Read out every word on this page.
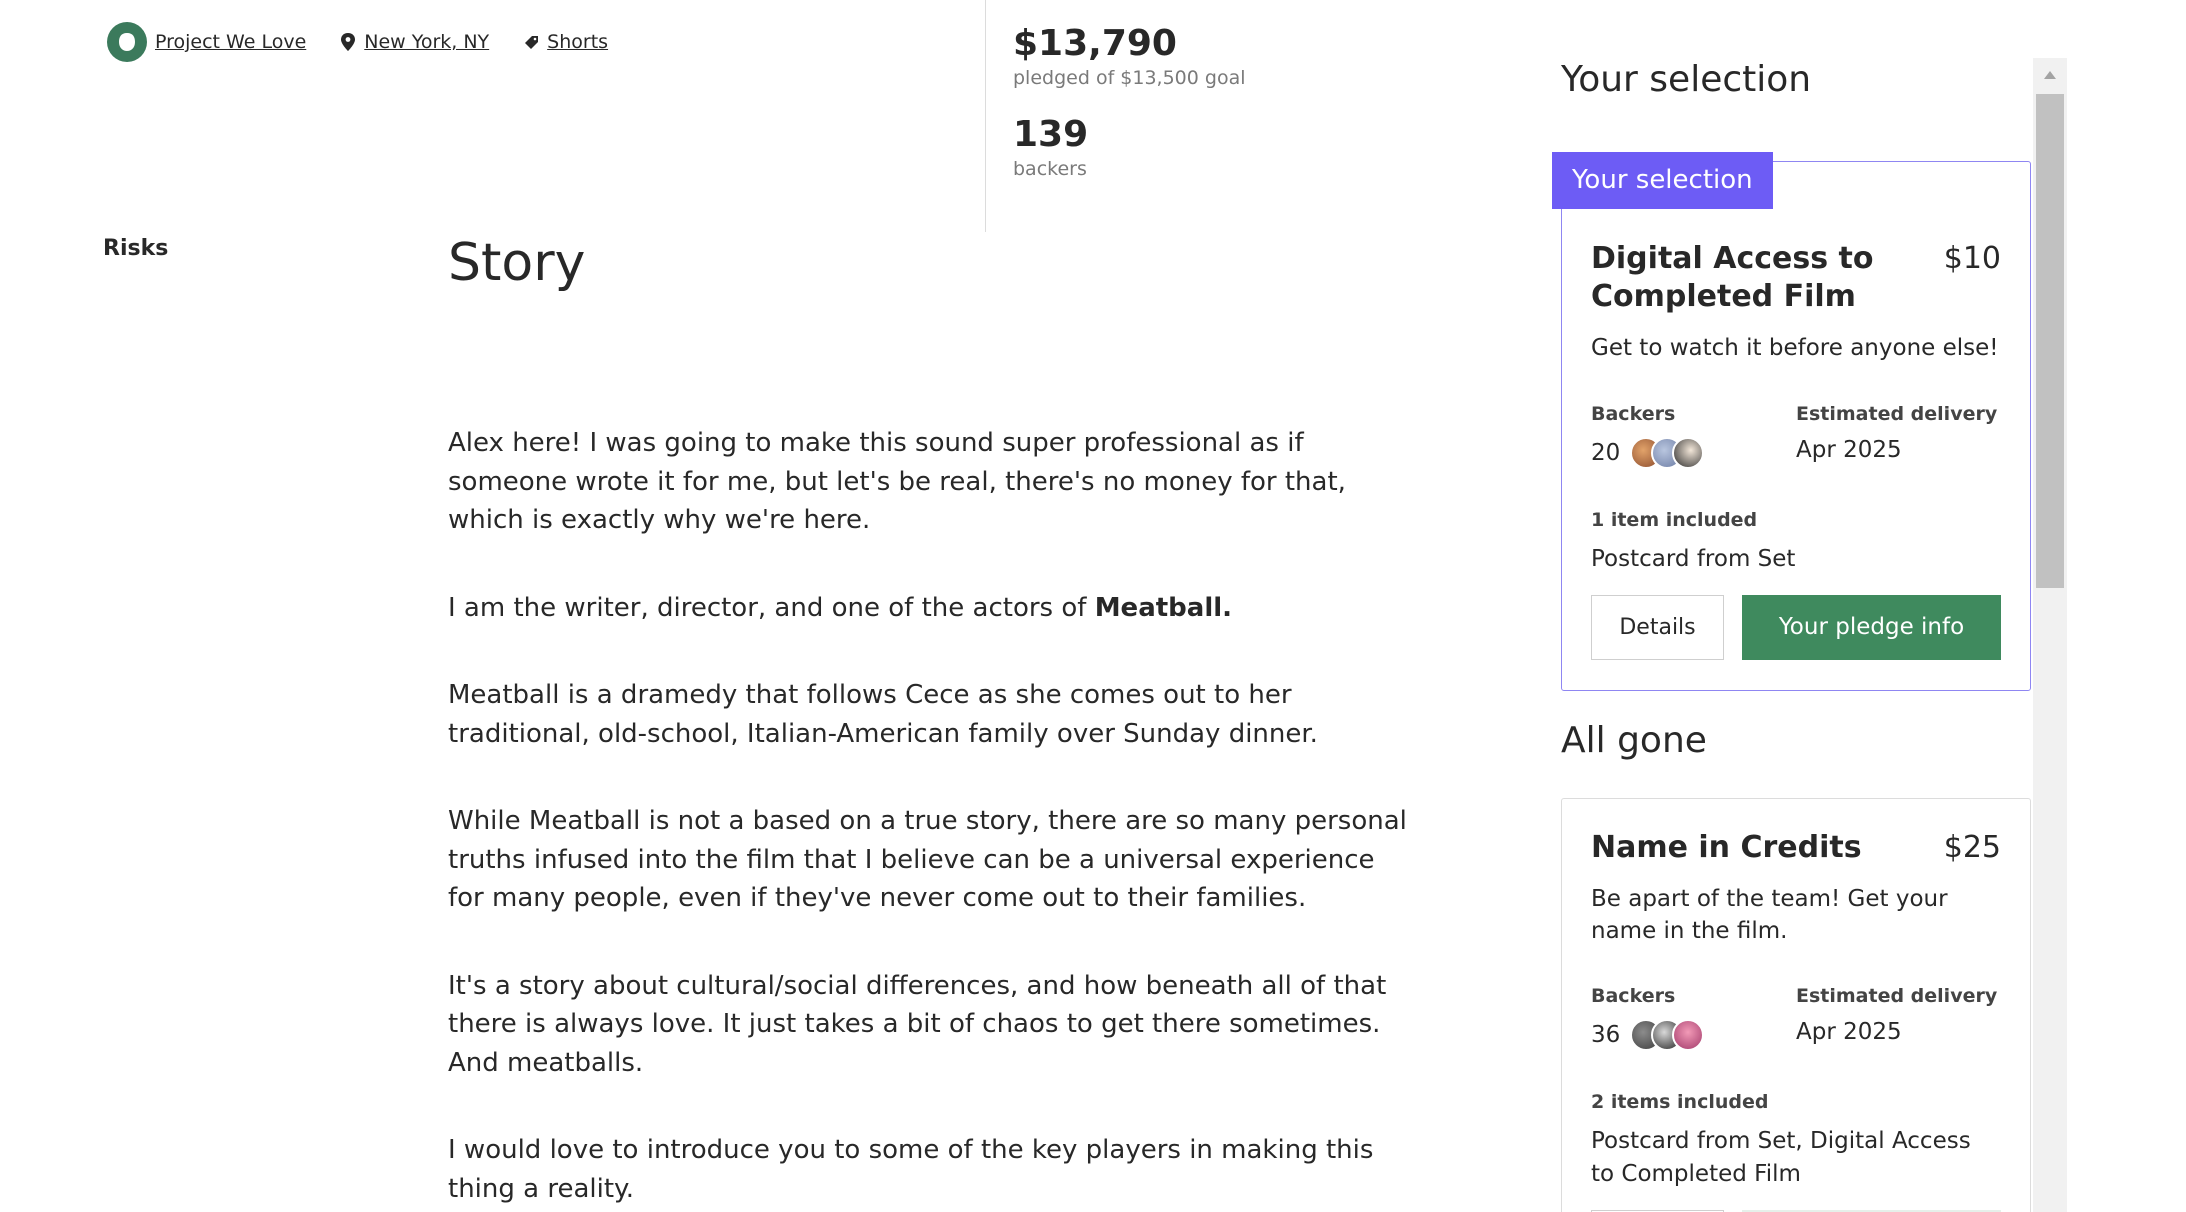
Project We Love	New York, NY	Shorts	$13,790
pledged of $13,500 goal
139
backers
Risks	Story

Alex here! I was going to make this sound super professional as if someone wrote it for me, but let's be real, there's no money for that, which is exactly why we're here.

I am the writer, director, and one of the actors of Meatball.

Meatball is a dramedy that follows Cece as she comes out to her traditional, old-school, Italian-American family over Sunday dinner.

While Meatball is not a based on a true story, there are so many personal truths infused into the film that I believe can be a universal experience for many people, even if they've never come out to their families.

It's a story about cultural/social differences, and how beneath all of that there is always love. It just takes a bit of chaos to get there sometimes. And meatballs.

I would love to introduce you to some of the key players in making this thing a reality.

Your selection
Your selection
Digital Access to Completed Film
$10
Get to watch it before anyone else!
Backers
20
Estimated delivery
Apr 2025
1 item included
Postcard from Set
Details	Your pledge info
All gone
Name in Credits	$25
Be apart of the team! Get your name in the film.
Backers
36
Estimated delivery
Apr 2025
2 items included
Postcard from Set, Digital Access to Completed Film
